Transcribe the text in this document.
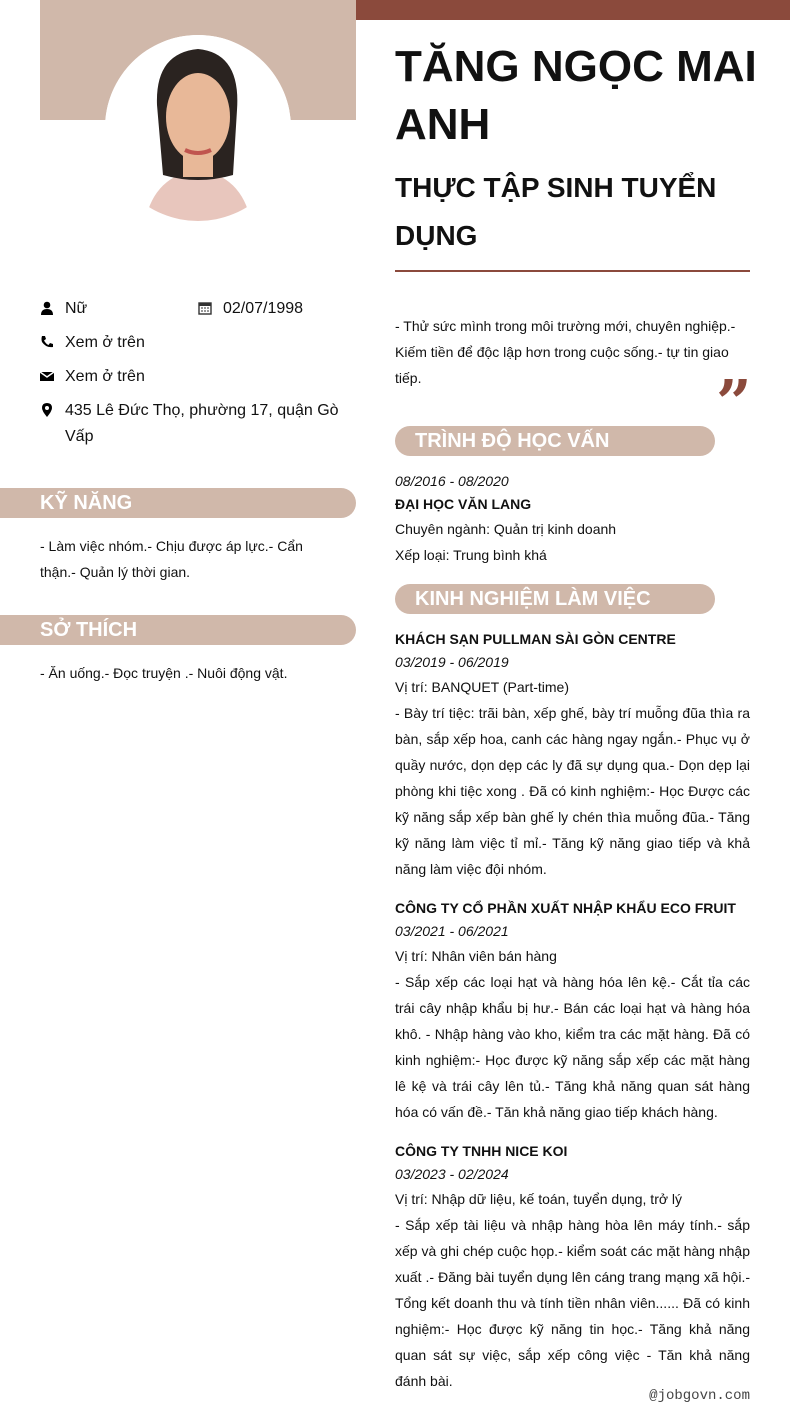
TĂNG NGỌC MAI ANH
THỰC TẬP SINH TUYỂN DỤNG
Nữ	02/07/1998
Xem ở trên
Xem ở trên
435 Lê Đức Thọ, phường 17, quận Gò Vấp
KỸ NĂNG
- Làm việc nhóm.- Chịu được áp lực.- Cẩn thận.- Quản lý thời gian.
SỞ THÍCH
- Ăn uống.- Đọc truyện .- Nuôi động vật.
- Thử sức mình trong môi trường mới, chuyên nghiệp.- Kiếm tiền để độc lập hơn trong cuộc sống.- tự tin giao tiếp.	”
TRÌNH ĐỘ HỌC VẤN
08/2016 - 08/2020
ĐẠI HỌC VĂN LANG
Chuyên ngành: Quản trị kinh doanh
Xếp loại: Trung bình khá
KINH NGHIỆM LÀM VIỆC
KHÁCH SẠN PULLMAN SÀI GÒN CENTRE
03/2019 - 06/2019
Vị trí: BANQUET (Part-time)
- Bày trí tiệc: trãi bàn, xếp ghế, bày trí muỗng đũa thìa ra bàn, sắp xếp hoa, canh các hàng ngay ngắn.- Phục vụ ở quầy nước, dọn dẹp các ly đã sự dụng qua.- Dọn dẹp lại phòng khi tiệc xong . Đã có kinh nghiệm:- Học Được các kỹ năng sắp xếp bàn ghế ly chén thìa muỗng đũa.- Tăng kỹ năng làm việc tỉ mỉ.- Tăng kỹ năng giao tiếp và khả năng làm việc đội nhóm.
CÔNG TY CỔ PHẦN XUẤT NHẬP KHẨU ECO FRUIT
03/2021 - 06/2021
Vị trí: Nhân viên bán hàng
- Sắp xếp các loại hạt và hàng hóa lên kệ.- Cắt tỉa các trái cây nhập khẩu bị hư.- Bán các loại hạt và hàng hóa khô. - Nhập hàng vào kho, kiểm tra các mặt hàng. Đã có kinh nghiệm:- Học được kỹ năng sắp xếp các mặt hàng lê kệ và trái cây lên tủ.- Tăng khả năng quan sát hàng hóa có vấn đề.- Tăn khả năng giao tiếp khách hàng.
CÔNG TY TNHH NICE KOI
03/2023 - 02/2024
Vị trí: Nhập dữ liệu, kế toán, tuyển dụng, trở lý
- Sắp xếp tài liệu và nhập hàng hòa lên máy tính.- sắp xếp và ghi chép cuộc họp.- kiểm soát các mặt hàng nhập xuất .- Đăng bài tuyển dụng lên cáng trang mạng xã hội.- Tổng kết doanh thu và tính tiền nhân viên...... Đã có kinh nghiệm:- Học được kỹ năng tin học.- Tăng khả năng quan sát sự việc, sắp xếp công việc - Tăn khả năng đánh bài.
@jobgovn.com
